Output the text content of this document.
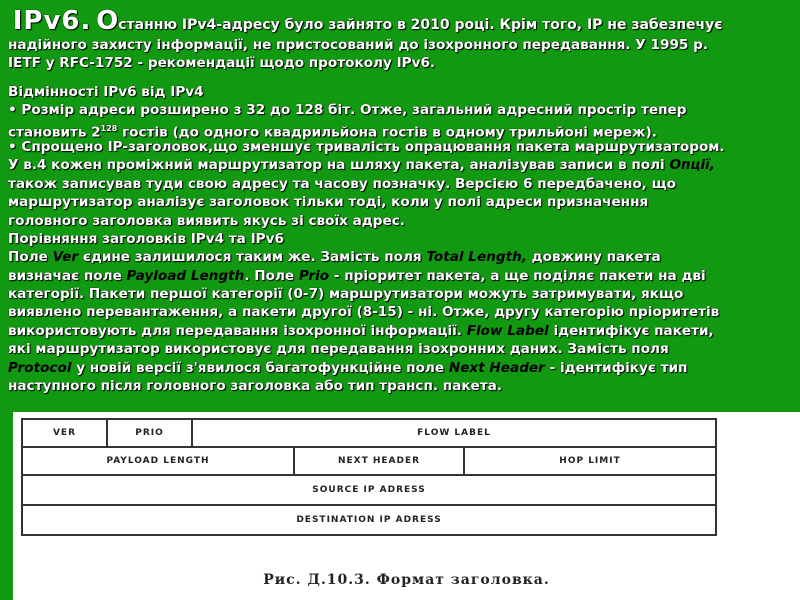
IPv6. Oстанню IPv4-адресу було зайнято в 2010 році. Крім того, IP не забезпечує
надійного захисту інформації, не пристосований до ізохронного передавання. У 1995 р.
IETF у RFC-1752 - рекомендації щодо протоколу IPv6.
Відмінності IPv6 від IPv4
• Розмір адреси розширено з 32 до 128 біт. Отже, загальний адресний простір тепер
становить $2^{128}$ гостів (до одного квадрильйона гостів в одному трильйоні мереж).
• Спрощено IP-заголовок,що зменшує тривалість опрацювання пакета маршрутизатором.
У в.4 кожен проміжний маршрутизатор на шляху пакета, аналізував записи в полі Опції,
також записував туди свою адресу та часову позначку. Версією 6 передбачено, що
маршрутизатор аналізує заголовок тільки тоді, коли у полі адреси призначення
головного заголовка виявить якусь зі своїх адрес.
Порівняння заголовків IPv4 та IPv6
Поле Ver єдине залишилося таким же. Замість поля Total Length, довжину пакета
визначає поле Payload Length. Поле Prio - пріоритет пакета, а ще поділяє пакети на дві
категорії. Пакети першої категорії (0-7) маршрутизатори можуть затримувати, якщо
виявлено перевантаження, а пакети другої (8-15) - ні. Отже, другу категорію пріоритетів
використовують для передавання ізохронної інформації. Flow Label ідентифікує пакети,
які маршрутизатор використовує для передавання ізохронних даних. Замість поля
Protocol у новій версії з'явилося багатофункційне поле Next Header - ідентифікує тип
наступного після головного заголовка або тип трансп. пакета.
VER	PRIO	FLOW LABEL		
PAYLOAD LENGTH			NEXT HEADER	HOP LIMIT
SOURCE IP ADRESS				
DESTINATION IP ADRESS				
Рис. Д.10.3. Формат заголовка.
